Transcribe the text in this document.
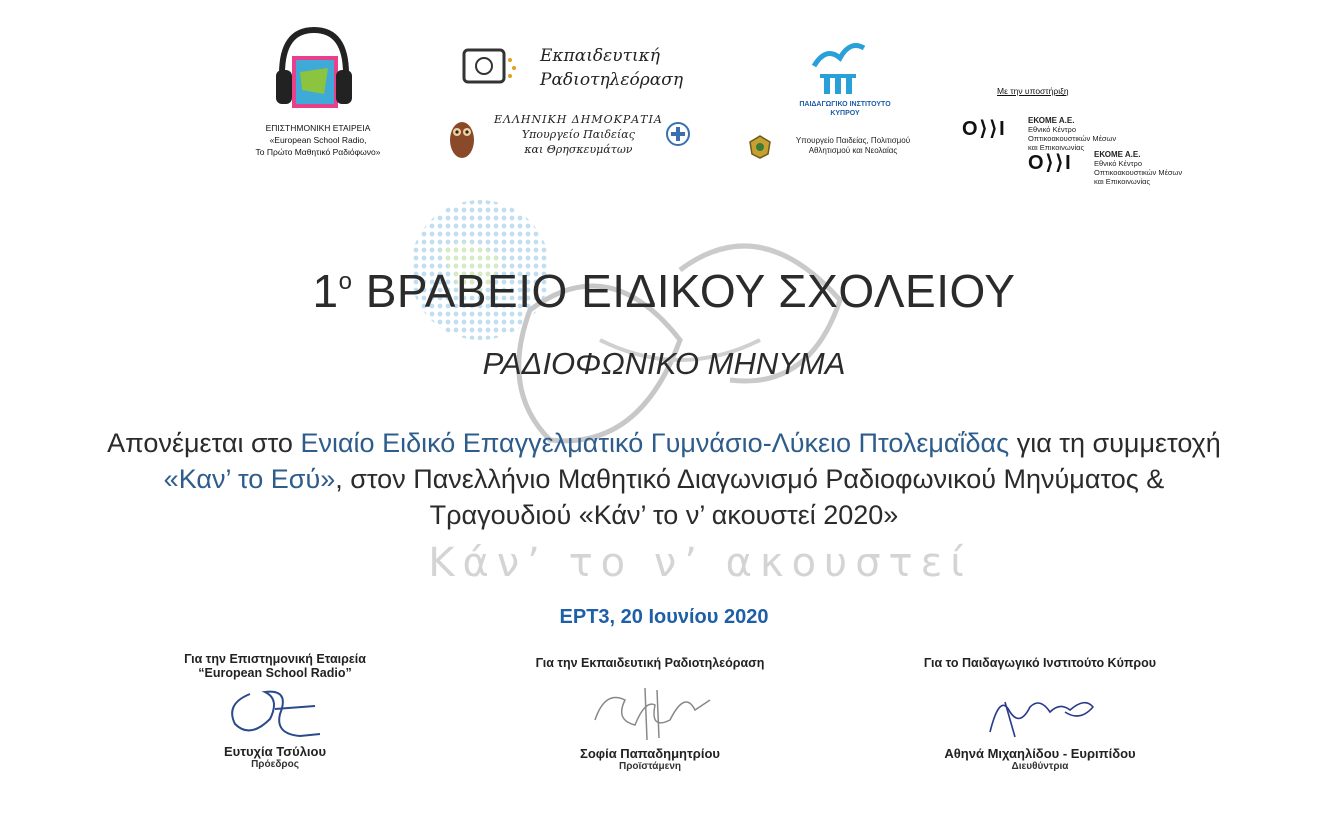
Κάν’ το ν’ ακουστεί
ΕΠΙΣΤΗΜΟΝΙΚΗ ΕΤΑΙΡΕΙΑ
«European School Radio,
Το Πρώτο Μαθητικό Ραδιόφωνο»
Εκπαιδευτική
Ραδιοτηλεόραση
ΕΛΛΗΝΙΚΗ ΔΗΜΟΚΡΑΤΙΑ
Υπουργείο Παιδείας
και Θρησκευμάτων
ΠΑΙΔΑΓΩΓΙΚΟ ΙΝΣΤΙΤΟΥΤΟ
ΚΥΠΡΟΥ
Υπουργείο Παιδείας, Πολιτισμού
Αθλητισμού και Νεολαίας
Με την υποστήριξη
Ο⟩⟩Ι	ΕΚΟΜΕ Α.Ε.
Εθνικό Κέντρο
Οπτικοακουστικών Μέσων
και Επικοινωνίας
Ο⟩⟩Ι	ΕΚΟΜΕ Α.Ε.
Εθνικό Κέντρο
Οπτικοακουστικών Μέσων
και Επικοινωνίας
$1^o$ ΒΡΑΒΕΙΟ ΕΙΔΙΚΟΥ ΣΧΟΛΕΙΟΥ
ΡΑΔΙΟΦΩΝΙΚΟ ΜΗΝΥΜΑ
Απονέμεται στο Ενιαίο Ειδικό Επαγγελματικό Γυμνάσιο-Λύκειο Πτολεμαΐδας για τη συμμετοχή «Καν’ το Εσύ», στον Πανελλήνιο Μαθητικό Διαγωνισμό Ραδιοφωνικού Μηνύματος & Τραγουδιού «Κάν’ το ν’ ακουστεί 2020»
ΕΡΤ3, 20 Ιουνίου 2020
Για την Επιστημονική Εταιρεία
“European School Radio”
Ευτυχία Τσύλιου
Πρόεδρος
Για την Εκπαιδευτική Ραδιοτηλεόραση
Σοφία Παπαδημητρίου
Προϊστάμενη
Για το Παιδαγωγικό Ινστιτούτο Κύπρου
Αθηνά Μιχαηλίδου - Ευριπίδου
Διευθύντρια
